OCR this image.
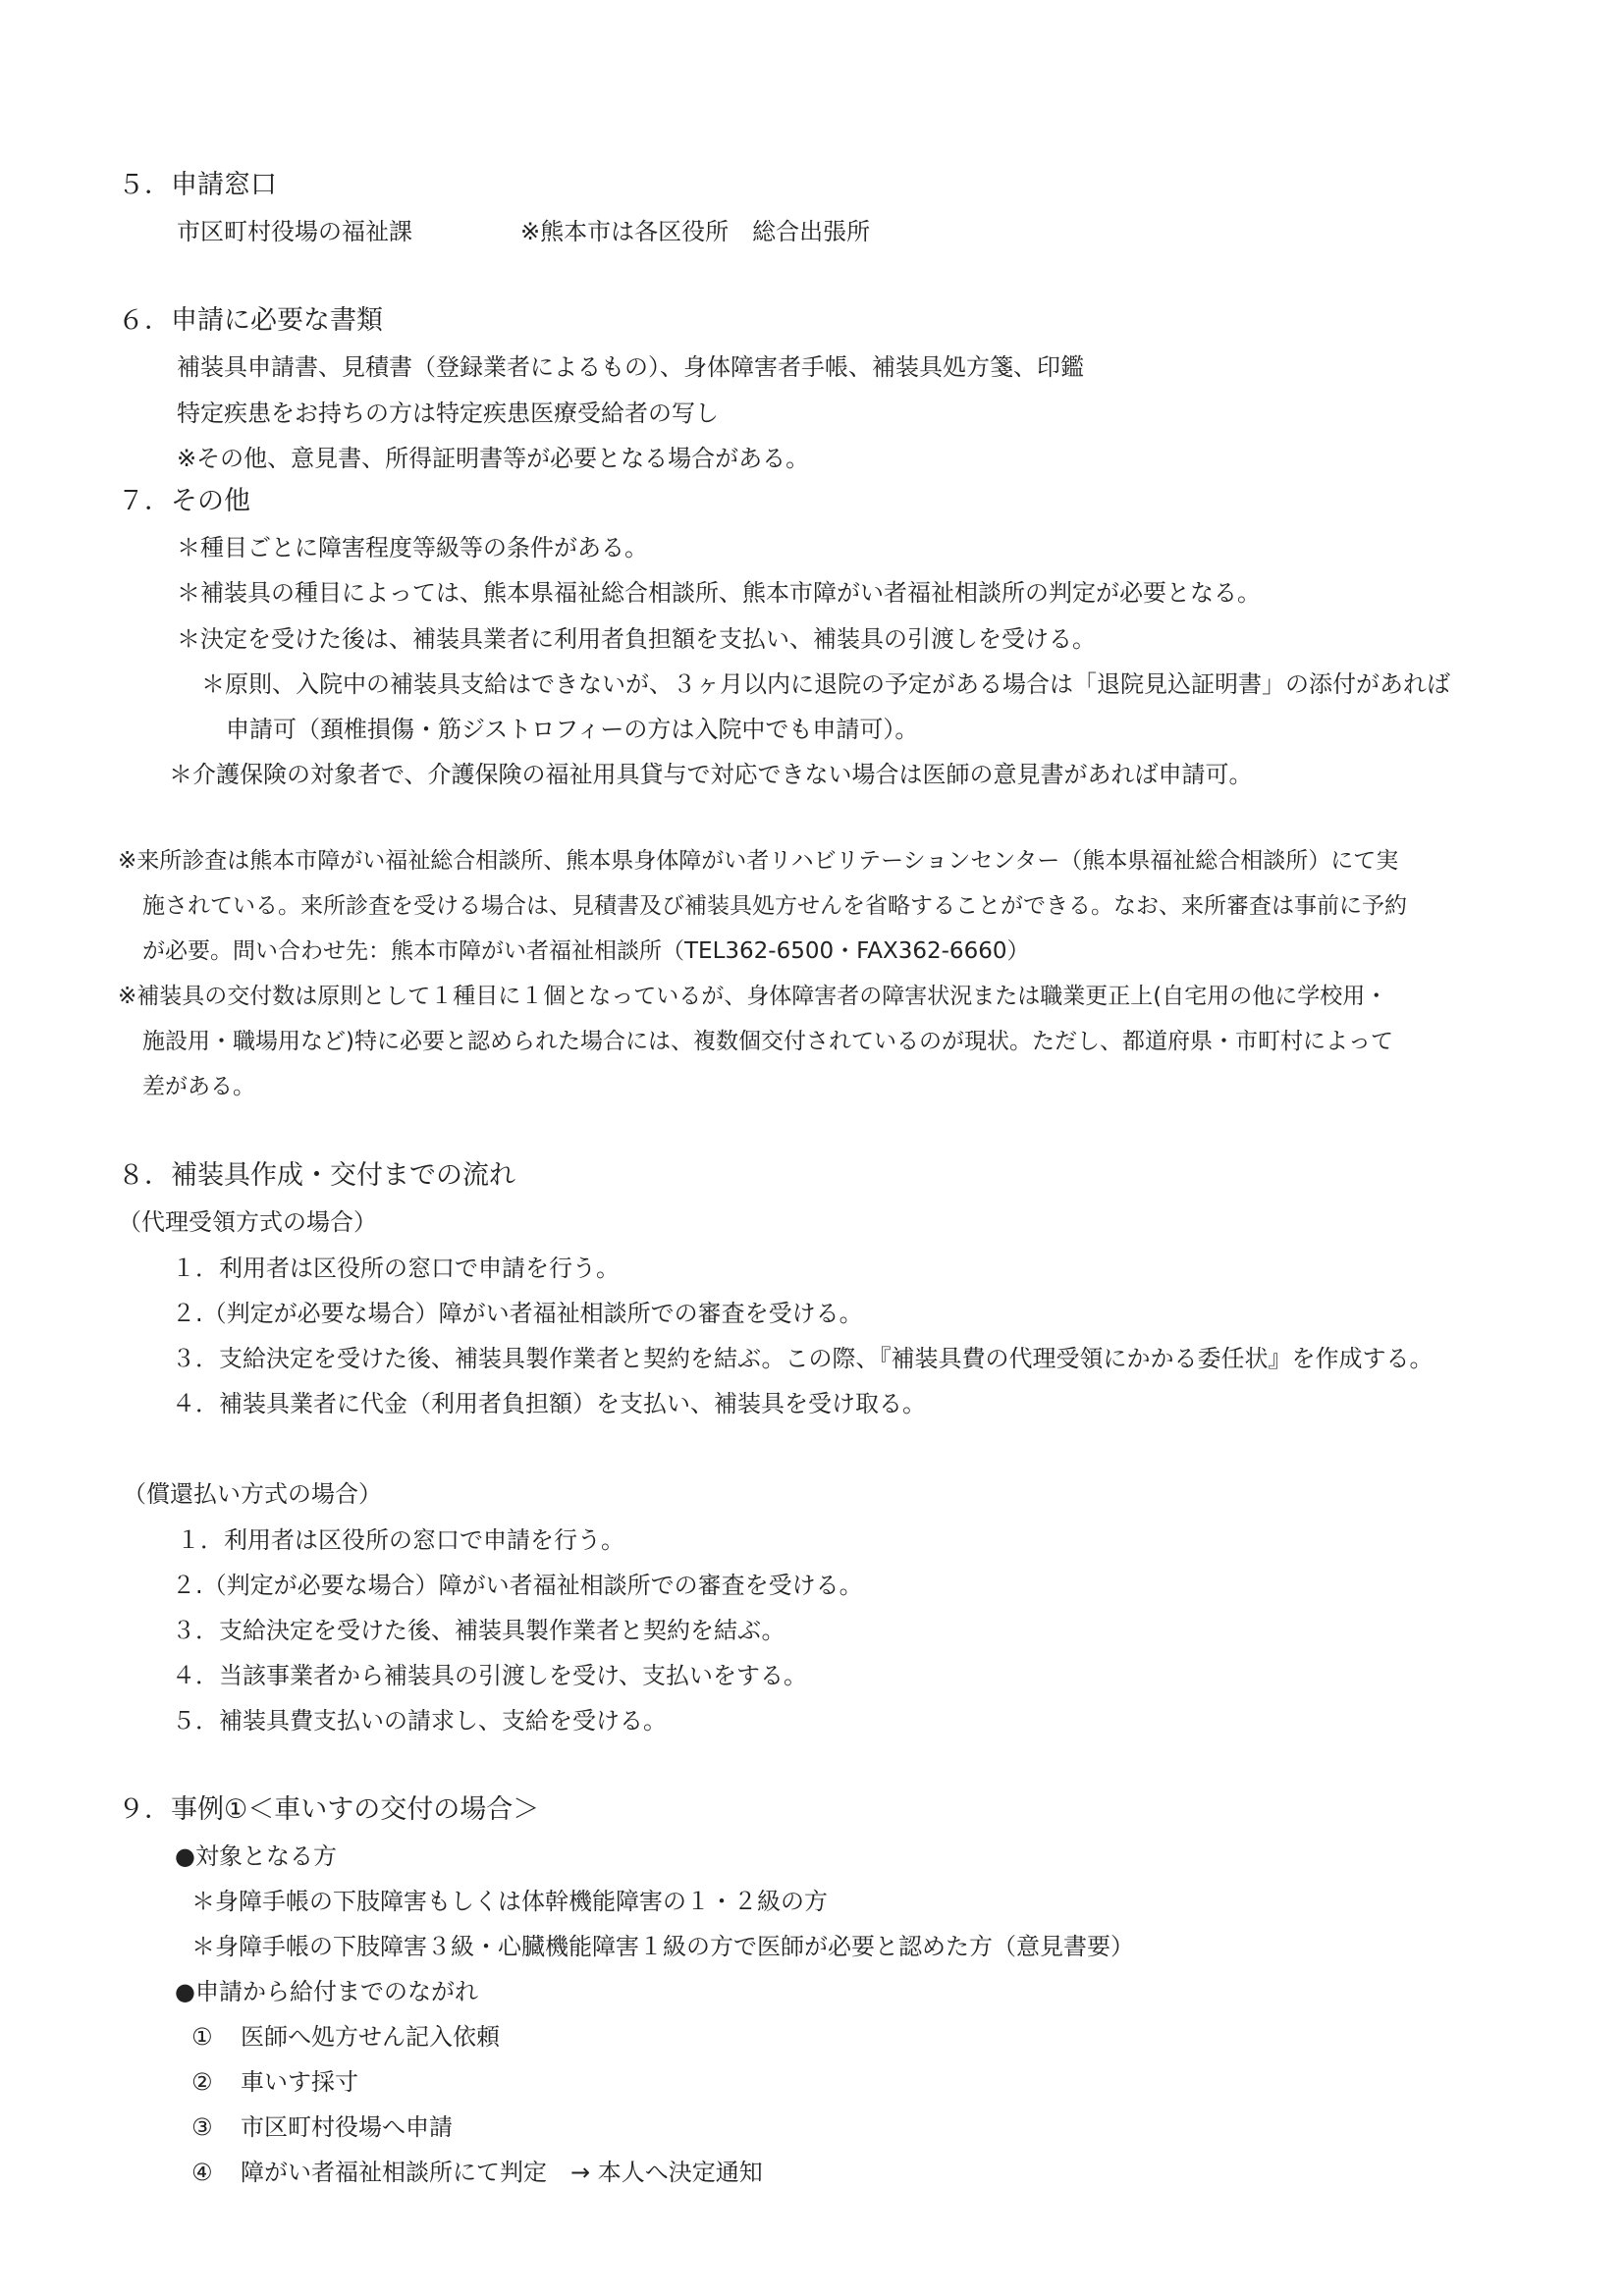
５．申請窓口
市区町村役場の福祉課	※熊本市は各区役所　総合出張所
６．申請に必要な書類
補装具申請書、見積書（登録業者によるもの）、身体障害者手帳、補装具処方箋、印鑑
特定疾患をお持ちの方は特定疾患医療受給者の写し
※その他、意見書、所得証明書等が必要となる場合がある。
７．その他
＊種目ごとに障害程度等級等の条件がある。
＊補装具の種目によっては、熊本県福祉総合相談所、熊本市障がい者福祉相談所の判定が必要となる。
＊決定を受けた後は、補装具業者に利用者負担額を支払い、補装具の引渡しを受ける。
＊原則、入院中の補装具支給はできないが、３ヶ月以内に退院の予定がある場合は「退院見込証明書」の添付があれば
申請可（頚椎損傷・筋ジストロフィーの方は入院中でも申請可）。
＊介護保険の対象者で、介護保険の福祉用具貸与で対応できない場合は医師の意見書があれば申請可。
※来所診査は熊本市障がい福祉総合相談所、熊本県身体障がい者リハビリテーションセンター（熊本県福祉総合相談所）にて実
施されている。来所診査を受ける場合は、見積書及び補装具処方せんを省略することができる。なお、来所審査は事前に予約
が必要。問い合わせ先：熊本市障がい者福祉相談所（TEL362-6500・FAX362-6660）
※補装具の交付数は原則として１種目に１個となっているが、身体障害者の障害状況または職業更正上(自宅用の他に学校用・
施設用・職場用など)特に必要と認められた場合には、複数個交付されているのが現状。ただし、都道府県・市町村によって
差がある。
８．補装具作成・交付までの流れ
（代理受領方式の場合）
１．利用者は区役所の窓口で申請を行う。
２.（判定が必要な場合）障がい者福祉相談所での審査を受ける。
３．支給決定を受けた後、補装具製作業者と契約を結ぶ。この際、『補装具費の代理受領にかかる委任状』を作成する。
４．補装具業者に代金（利用者負担額）を支払い、補装具を受け取る。
（償還払い方式の場合）
１．利用者は区役所の窓口で申請を行う。
２.（判定が必要な場合）障がい者福祉相談所での審査を受ける。
３．支給決定を受けた後、補装具製作業者と契約を結ぶ。
４．当該事業者から補装具の引渡しを受け、支払いをする。
５．補装具費支払いの請求し、支給を受ける。
９．事例①＜車いすの交付の場合＞
●対象となる方
＊身障手帳の下肢障害もしくは体幹機能障害の１・２級の方
＊身障手帳の下肢障害３級・心臓機能障害１級の方で医師が必要と認めた方（意見書要）
●申請から給付までのながれ
① 医師へ処方せん記入依頼
② 車いす採寸
③ 市区町村役場へ申請
④ 障がい者福祉相談所にて判定　→ 本人へ決定通知
